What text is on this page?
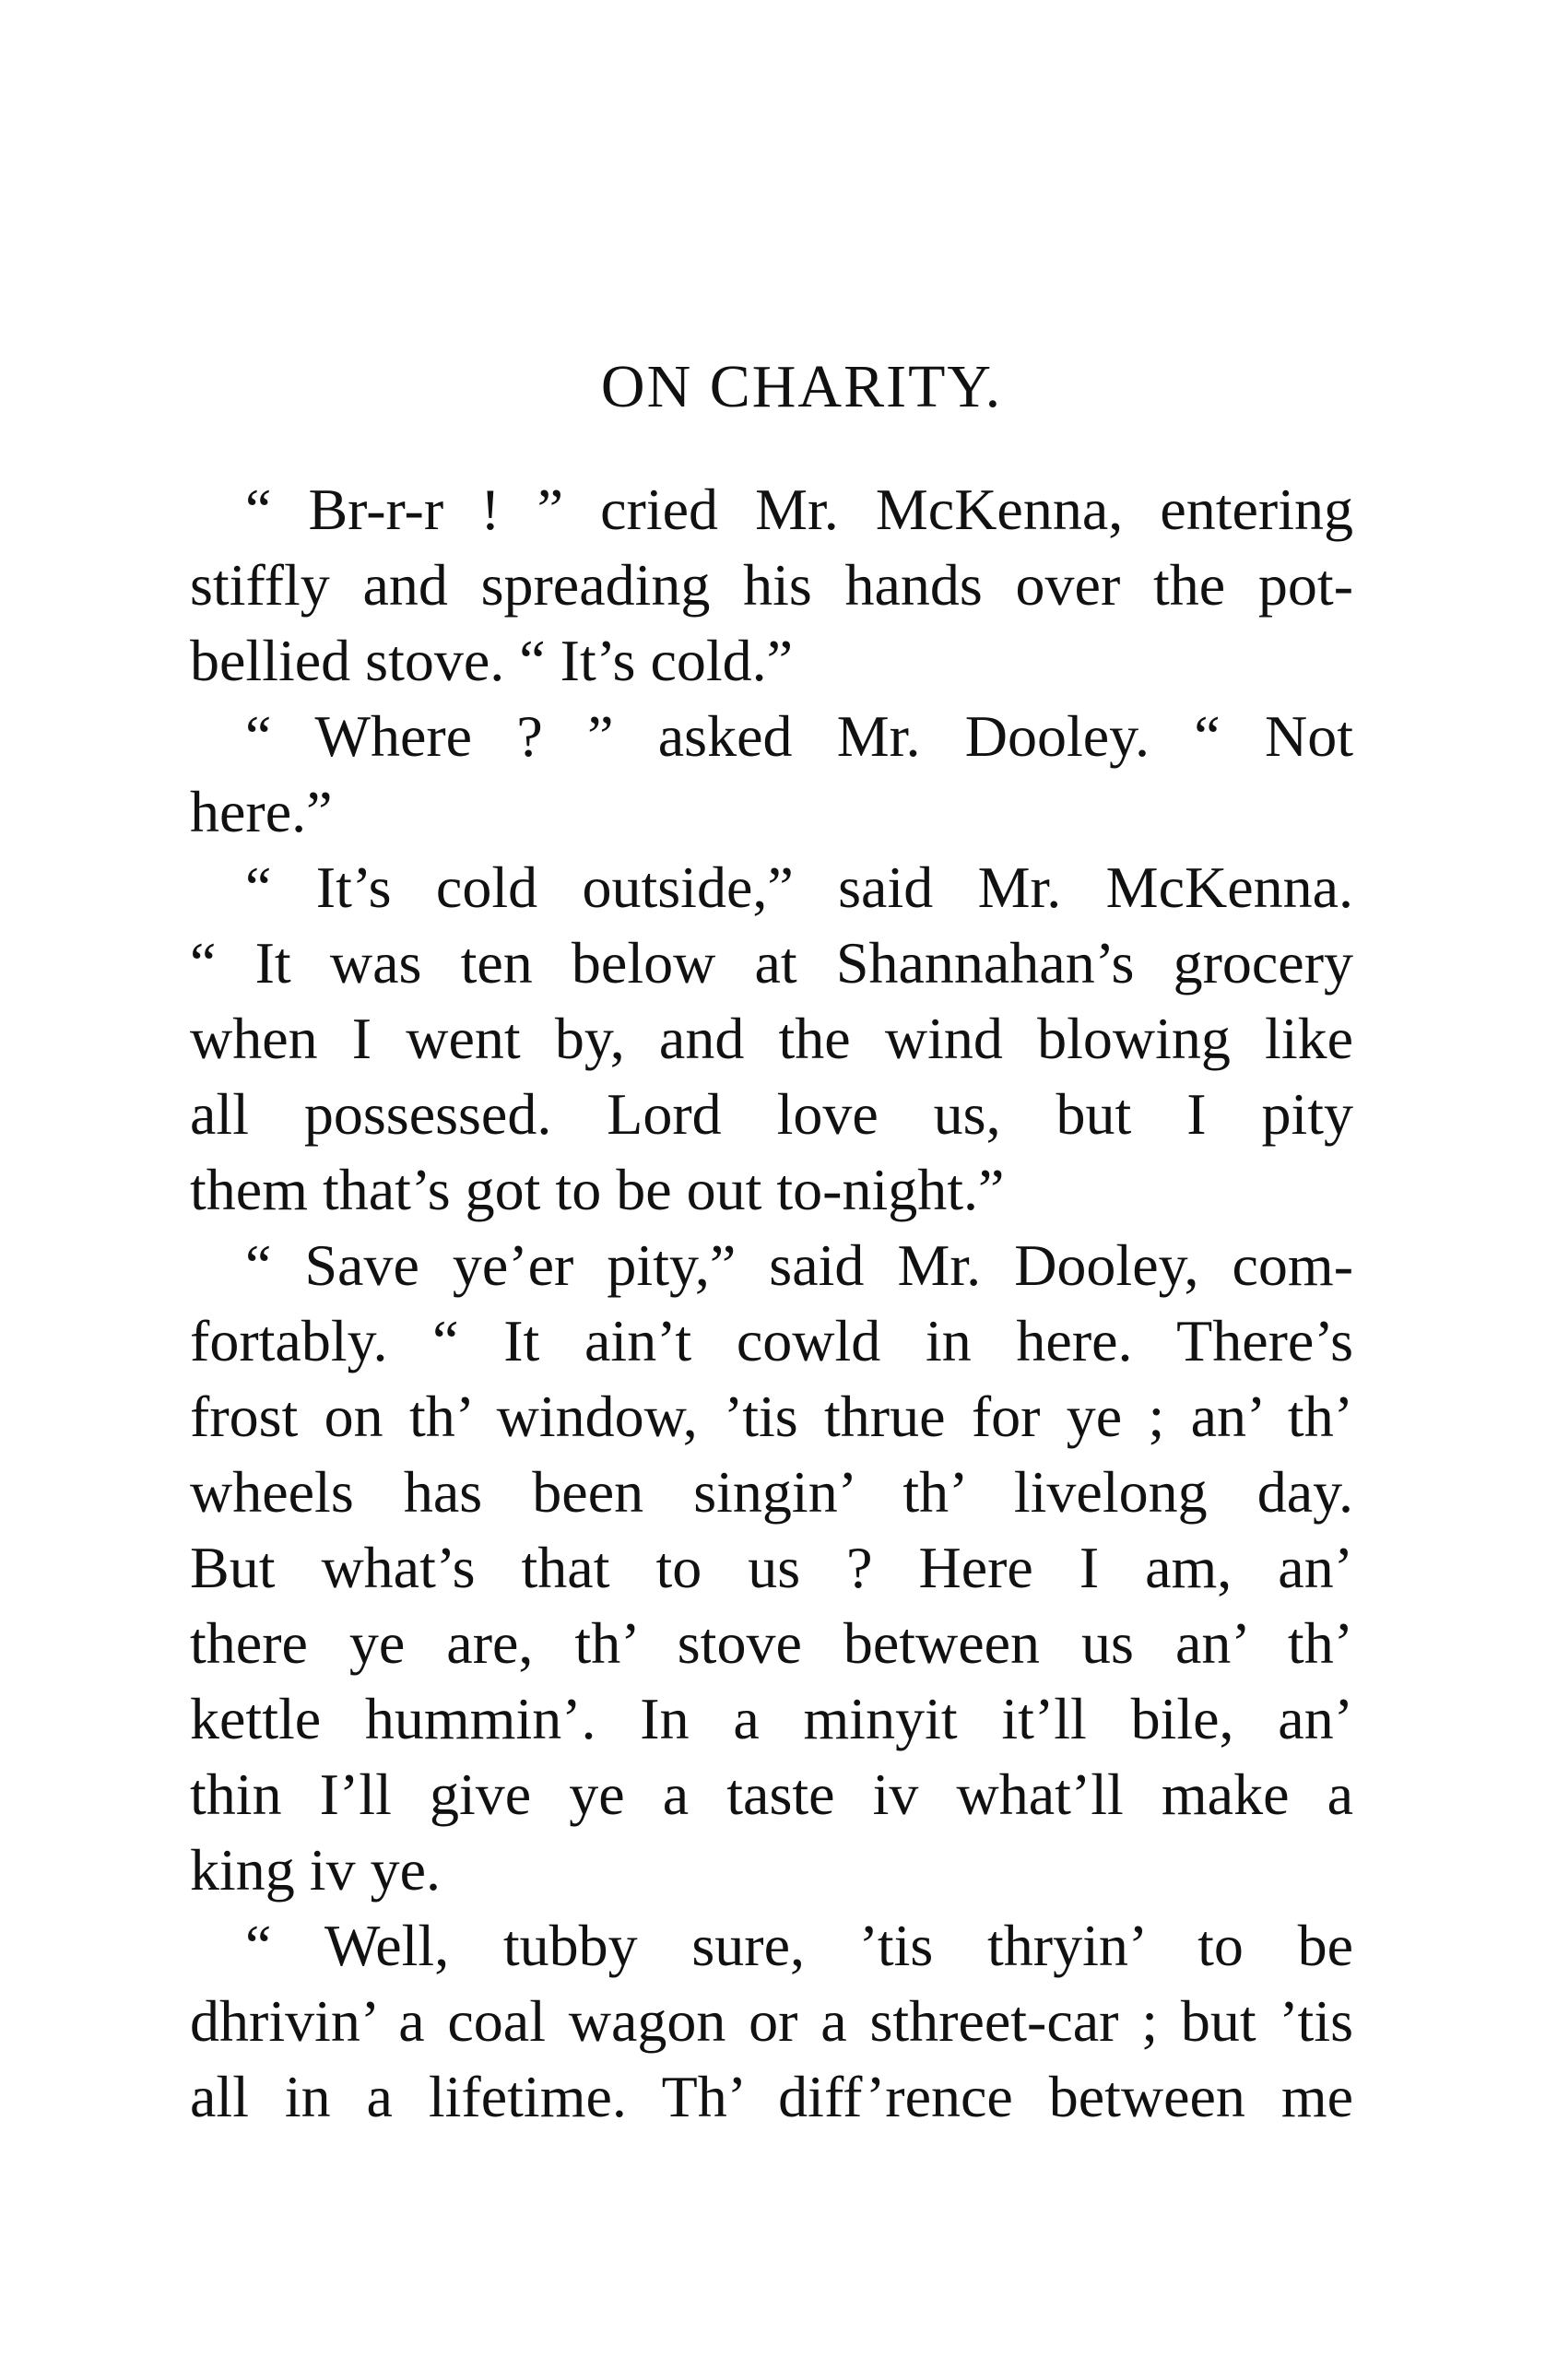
ON CHARITY.
“ Br-r-r ! ” cried Mr. McKenna, entering
stiffly and spreading his hands over the pot-
bellied stove. “ It’s cold.”
“ Where ? ” asked Mr. Dooley. “ Not
here.”
“ It’s cold outside,” said Mr. McKenna.
“ It was ten below at Shannahan’s grocery
when I went by, and the wind blowing like
all possessed. Lord love us, but I pity
them that’s got to be out to-night.”
“ Save ye’er pity,” said Mr. Dooley, com-
fortably. “ It ain’t cowld in here. There’s
frost on th’ window, ’tis thrue for ye ; an’ th’
wheels has been singin’ th’ livelong day.
But what’s that to us ? Here I am, an’
there ye are, th’ stove between us an’ th’
kettle hummin’. In a minyit it’ll bile, an’
thin I’ll give ye a taste iv what’ll make a
king iv ye.
“ Well, tubby sure, ’tis thryin’ to be
dhrivin’ a coal wagon or a sthreet-car ; but ’tis
all in a lifetime. Th’ diff’rence between me
